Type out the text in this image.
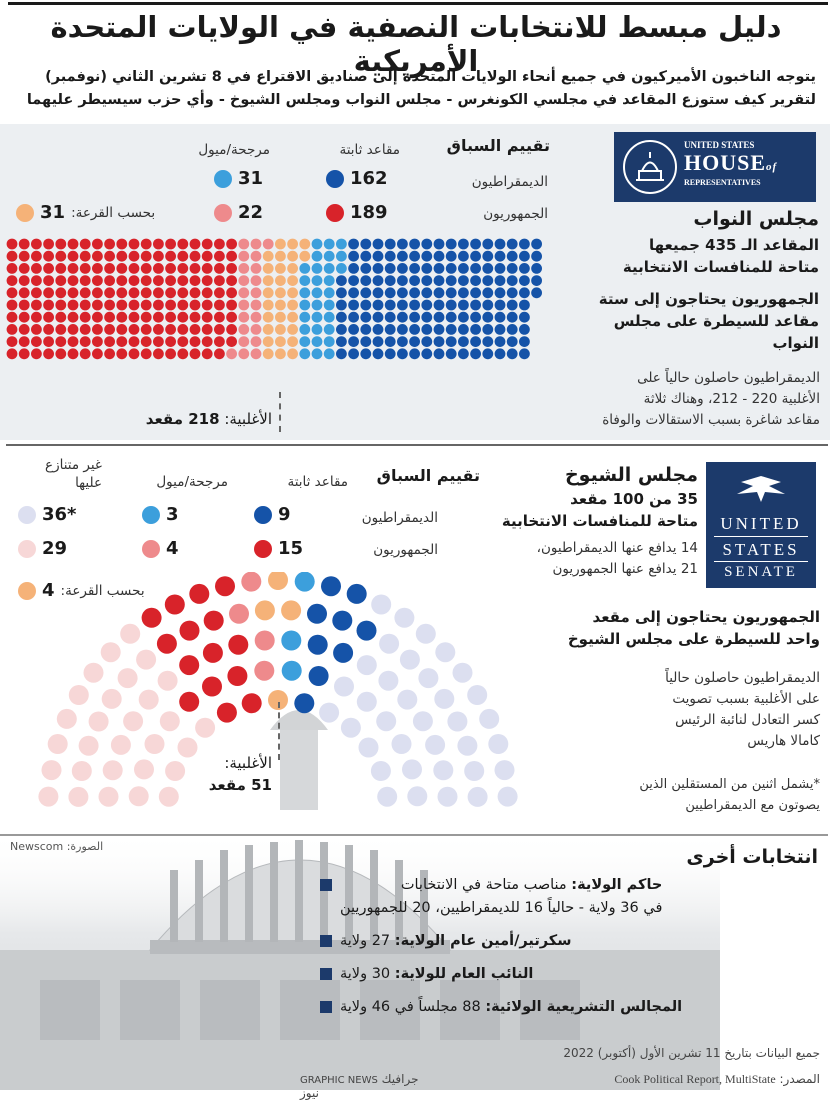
دليل مبسط للانتخابات النصفية في الولايات المتحدة الأمريكية
يتوجه الناخبون الأميركيون في جميع أنحاء الولايات المتحدة إلى صناديق الاقتراع في 8 تشرين الثاني (نوفمبر)
لتقرير كيف ستوزع المقاعد في مجلسي الكونغرس - مجلس النواب ومجلس الشيوخ - وأي حزب سيسيطر عليهما
UNITED STATES
HOUSEof
REPRESENTATIVES
تقييم السباق
مقاعد ثابتة
مرجحة/ميول
الديمقراطيون
الجمهوريون
162
31
189
22
31 بحسب القرعة:
الأغلبية: 218 مقعد
مجلس النواب
المقاعد الـ 435 جميعها
متاحة للمنافسات الانتخابية
الجمهوريون يحتاجون إلى ستة
مقاعد للسيطرة على مجلس النواب
الديمقراطيون حاصلون حالياً على
الأغلبية 220 - 212، وهناك ثلاثة
مقاعد شاغرة بسبب الاستقالات والوفاة
UNITED
STATES
SENATE
مجلس الشيوخ
35 من 100 مقعد
متاحة للمنافسات الانتخابية
14 يدافع عنها الديمقراطيون،
21 يدافع عنها الجمهوريون
الجمهوريون يحتاجون إلى مقعد
واحد للسيطرة على مجلس الشيوخ
الديمقراطيون حاصلون حالياً
على الأغلبية بسبب تصويت
كسر التعادل لنائبة الرئيس
كامالا هاريس
*يشمل اثنين من المستقلين الذين
يصوتون مع الديمقراطيين
تقييم السباق
مقاعد ثابتة
مرجحة/ميول
غير متنازع
عليها
الديمقراطيون
الجمهوريون
9
3
36*
15
4
29
4 بحسب القرعة:
الأغلبية:
51 مقعد
الصورة: Newscom	انتخابات أخرى
حاكم الولاية: مناصب متاحة في الانتخابات
في 36 ولاية - حالياً 16 للديمقراطيين، 20 للجمهوريين
سكرتير/أمين عام الولاية: 27 ولاية
النائب العام للولاية: 30 ولاية
المجالس التشريعية الولائية: 88 مجلساً في 46 ولاية
جميع البيانات بتاريخ 11 تشرين الأول (أكتوبر) 2022
المصدر: Cook Political Report, MultiState
GRAPHIC NEWS جرافيك نيوز
